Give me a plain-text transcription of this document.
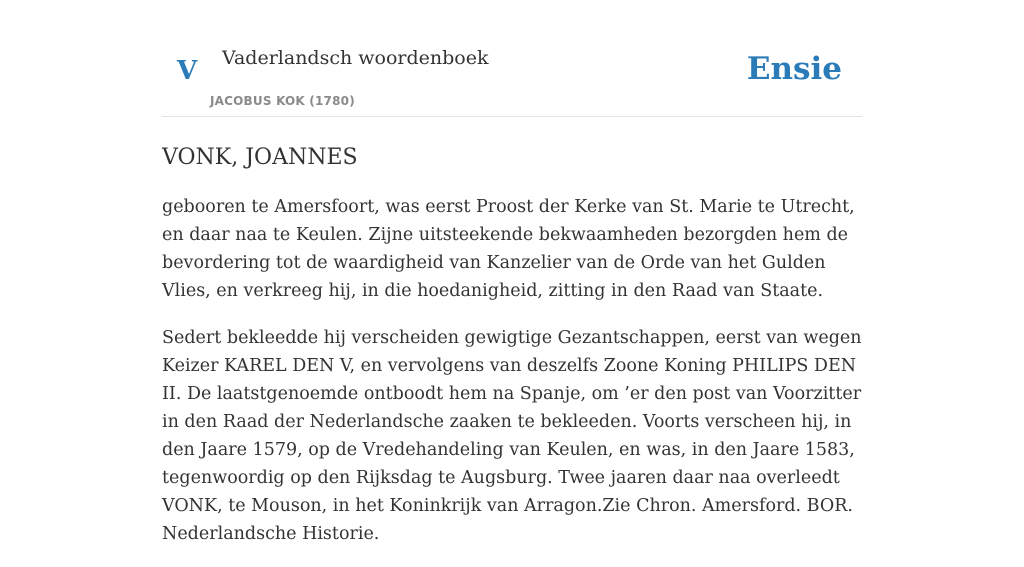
V Vaderlandsch woordenboek
JACOBUS KOK (1780)
Ensie
VONK, JOANNES

gebooren te Amersfoort, was eerst Proost der Kerke van St. Marie te Utrecht, en daar naa te Keulen. Zijne uitsteekende bekwaamheden bezorgden hem de bevordering tot de waardigheid van Kanzelier van de Orde van het Gulden Vlies, en verkreeg hij, in die hoedanigheid, zitting in den Raad van Staate.

Sedert bekleedde hij verscheiden gewigtige Gezantschappen, eerst van wegen Keizer KAREL DEN V, en vervolgens van deszelfs Zoone Koning PHILIPS DEN II. De laatstgenoemde ontboodt hem na Spanje, om ’er den post van Voorzitter in den Raad der Nederlandsche zaaken te bekleeden. Voorts verscheen hij, in den Jaare 1579, op de Vredehandeling van Keulen, en was, in den Jaare 1583, tegenwoordig op den Rijksdag te Augsburg. Twee jaaren daar naa overleedt VONK, te Mouson, in het Koninkrijk van Arragon.Zie Chron. Amersford. BOR. Nederlandsche Historie.
